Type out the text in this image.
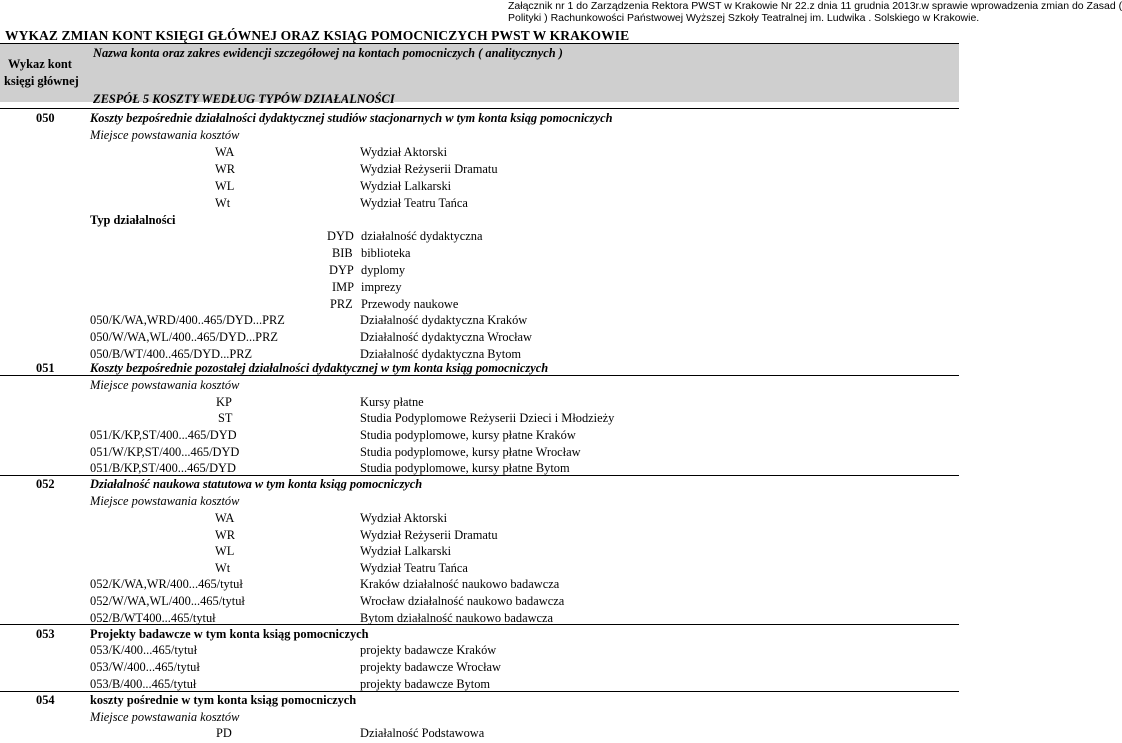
Załącznik nr 1 do Zarządzenia Rektora PWST w Krakowie Nr 22.z dnia 11 grudnia 2013r.w sprawie wprowadzenia zmian do Zasad (
Polityki ) Rachunkowości Państwowej Wyższej Szkoły Teatralnej im. Ludwika . Solskiego w Krakowie.
WYKAZ ZMIAN KONT KSIĘGI GŁÓWNEJ ORAZ KSIĄG POMOCNICZYCH PWST W KRAKOWIE
Wykaz kont
księgi głównej
Nazwa konta oraz zakres ewidencji szczegółowej na kontach pomocniczych ( analitycznych )
ZESPÓŁ 5 KOSZTY WEDŁUG TYPÓW DZIAŁALNOŚCI
050	Koszty bezpośrednie działalności dydaktycznej studiów stacjonarnych w tym konta ksiąg pomocniczych
Miejsce powstawania kosztów
WA	Wydział Aktorski
WR	Wydział Reżyserii Dramatu
WL	Wydział Lalkarski
Wt	Wydział Teatru Tańca
Typ działalności
DYD działalność dydaktyczna
BIB biblioteka
DYP dyplomy
IMP imprezy
PRZ Przewody naukowe
050/K/WA,WRD/400..465/DYD...PRZ	Działalność dydaktyczna Kraków
050/W/WA,WL/400..465/DYD...PRZ	Działalność dydaktyczna Wrocław
050/B/WT/400..465/DYD...PRZ	Działalność dydaktyczna Bytom
051	Koszty bezpośrednie pozostałej działalności dydaktycznej w tym konta ksiąg pomocniczych
Miejsce powstawania kosztów
KP	Kursy płatne
ST	Studia Podyplomowe Reżyserii Dzieci i Młodzieży
051/K/KP,ST/400...465/DYD	Studia podyplomowe, kursy płatne Kraków
051/W/KP,ST/400...465/DYD	Studia podyplomowe, kursy płatne Wrocław
051/B/KP,ST/400...465/DYD	Studia podyplomowe, kursy płatne Bytom
052	Działalność naukowa statutowa w tym konta ksiąg pomocniczych
Miejsce powstawania kosztów
WA	Wydział Aktorski
WR	Wydział Reżyserii Dramatu
WL	Wydział Lalkarski
Wt	Wydział Teatru Tańca
052/K/WA,WR/400...465/tytuł	Kraków działalność naukowo badawcza
052/W/WA,WL/400...465/tytuł	Wrocław działalność naukowo badawcza
052/B/WT400...465/tytuł	Bytom działalność naukowo badawcza
053	Projekty badawcze w tym konta ksiąg pomocniczych
053/K/400...465/tytuł	projekty badawcze Kraków
053/W/400...465/tytuł	projekty badawcze Wrocław
053/B/400...465/tytuł	projekty badawcze Bytom
054	koszty pośrednie w tym konta ksiąg pomocniczych
Miejsce powstawania kosztów
PD	Działalność Podstawowa
